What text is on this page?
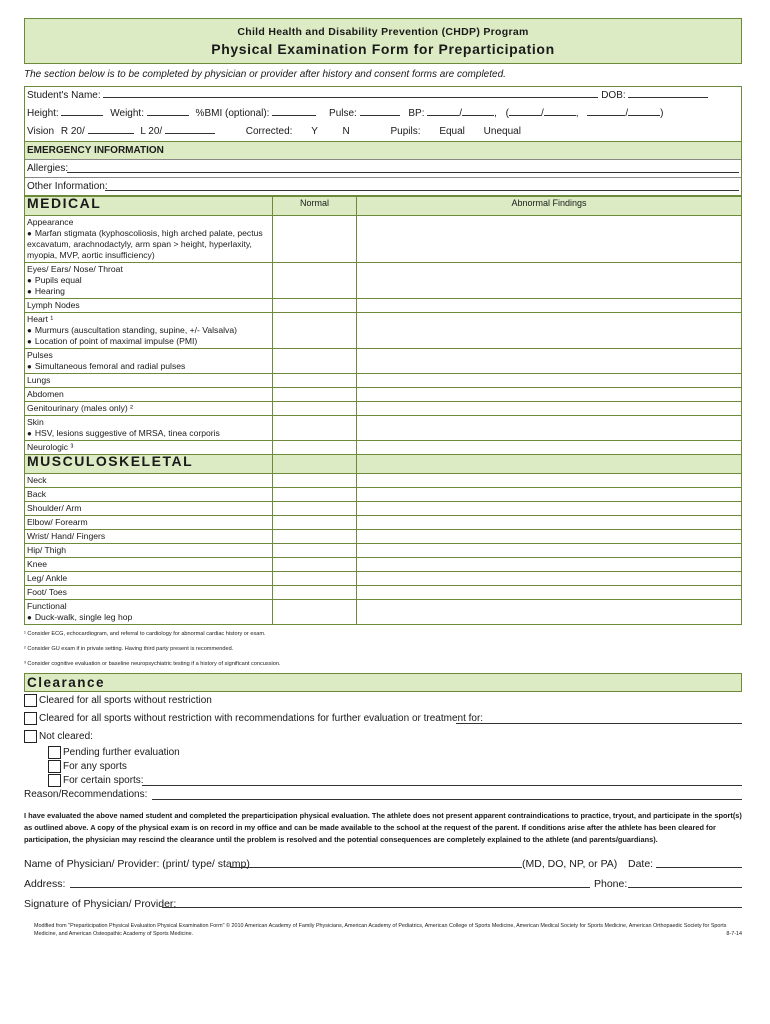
Child Health and Disability Prevention (CHDP) Program
Physical Examination Form for Preparticipation
The section below is to be completed by physician or provider after history and consent forms are completed.
Student's Name:	DOB:
Height:	Weight:	%BMI (optional):	Pulse:	BP:	/	, (	/	,	/	)
Vision R 20/	L 20/	Corrected: Y N	Pupils: Equal Unequal
EMERGENCY INFORMATION
Allergies:
Other Information:
MEDICAL	Normal	Abnormal Findings

Appearance
● Marfan stigmata (kyphoscoliosis, high arched palate, pectus excavatum, arachnodactyly, arm span > height, hyperlaxity, myopia, MVP, aortic insufficiency)

Eyes/ Ears/ Nose/ Throat
● Pupils equal
● Hearing

Lymph Nodes		

Heart ¹
● Murmurs (auscultation standing, supine, +/- Valsalva)
● Location of point of maximal impulse (PMI)

Pulses
● Simultaneous femoral and radial pulses

Lungs		

Abdomen		

Genitourinary (males only) ²		

Skin
● HSV, lesions suggestive of MRSA, tinea corporis

Neurologic ³		

MUSCULOSKELETAL		

Neck		

Back		

Shoulder/ Arm		

Elbow/ Forearm		

Wrist/ Hand/ Fingers		

Hip/ Thigh		

Knee		

Leg/ Ankle		

Foot/ Toes		

Functional
● Duck-walk, single leg hop

¹ Consider ECG, echocardiogram, and referral to cardiology for abnormal cardiac history or exam.
² Consider GU exam if in private setting. Having third party present is recommended.
³ Consider cognitive evaluation or baseline neuropsychiatric testing if a history of significant concussion.
Clearance
Cleared for all sports without restriction
Cleared for all sports without restriction with recommendations for further evaluation or treatment for:
Not cleared:
Pending further evaluation
For any sports
For certain sports:
Reason/Recommendations:
I have evaluated the above named student and completed the preparticipation physical evaluation. The athlete does not present apparent contraindications to practice, tryout, and participate in the sport(s) as outlined above. A copy of the physical exam is on record in my office and can be made available to the school at the request of the parent. If conditions arise after the athlete has been cleared for participation, the physician may rescind the clearance until the problem is resolved and the potential consequences are completely explained to the athlete (and parents/guardians).
Name of Physician/ Provider: (print/ type/ stamp)	(MD, DO, NP, or PA) Date:
Address:	Phone:
Signature of Physician/ Provider:
Modified from "Preparticipation Physical Evaluation Physical Examination Form" © 2010 American Academy of Family Physicians, American Academy of Pediatrics, American College of Sports Medicine, American Medical Society for Sports Medicine, American Orthopaedic Society for Sports Medicine, and American Osteopathic Academy of Sports Medicine.	8-7-14
